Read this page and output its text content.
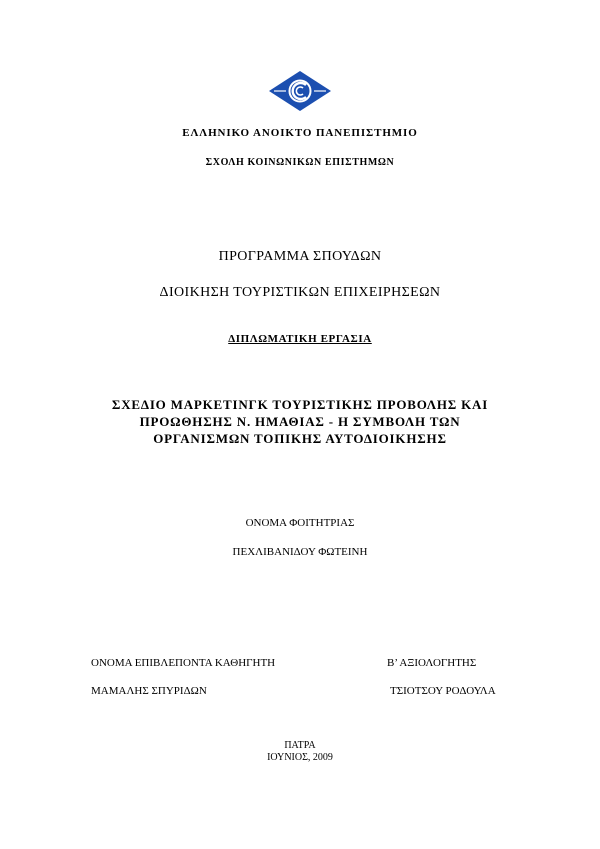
ΕΛΛΗΝΙΚΟ ΑΝΟΙΚΤΟ ΠΑΝΕΠΙΣΤΗΜΙΟ
ΣΧΟΛΗ ΚΟΙΝΩΝΙΚΩΝ ΕΠΙΣΤΗΜΩΝ
ΠΡΟΓΡΑΜΜΑ ΣΠΟΥΔΩΝ
ΔΙΟΙΚΗΣΗ ΤΟΥΡΙΣΤΙΚΩΝ ΕΠΙΧΕΙΡΗΣΕΩΝ
ΔΙΠΛΩΜΑΤΙΚΗ ΕΡΓΑΣΙΑ
ΣΧΕΔΙΟ ΜΑΡΚΕΤΙΝΓΚ ΤΟΥΡΙΣΤΙΚΗΣ ΠΡΟΒΟΛΗΣ ΚΑΙ
ΠΡΟΩΘΗΣΗΣ Ν. ΗΜΑΘΙΑΣ - Η ΣΥΜΒΟΛΗ ΤΩΝ
ΟΡΓΑΝΙΣΜΩΝ ΤΟΠΙΚΗΣ ΑΥΤΟΔΙΟΙΚΗΣΗΣ
ΟΝΟΜΑ ΦΟΙΤΗΤΡΙΑΣ
ΠΕΧΛΙΒΑΝΙΔΟΥ ΦΩΤΕΙΝΗ
ΟΝΟΜΑ ΕΠΙΒΛΕΠΟΝΤΑ ΚΑΘΗΓΗΤΗ
ΜΑΜΑΛΗΣ ΣΠΥΡΙΔΩΝ
Β’ ΑΞΙΟΛΟΓΗΤΗΣ
ΤΣΙΟΤΣΟΥ ΡΟΔΟΥΛΑ
ΠΑΤΡΑ
ΙΟΥΝΙΟΣ, 2009
